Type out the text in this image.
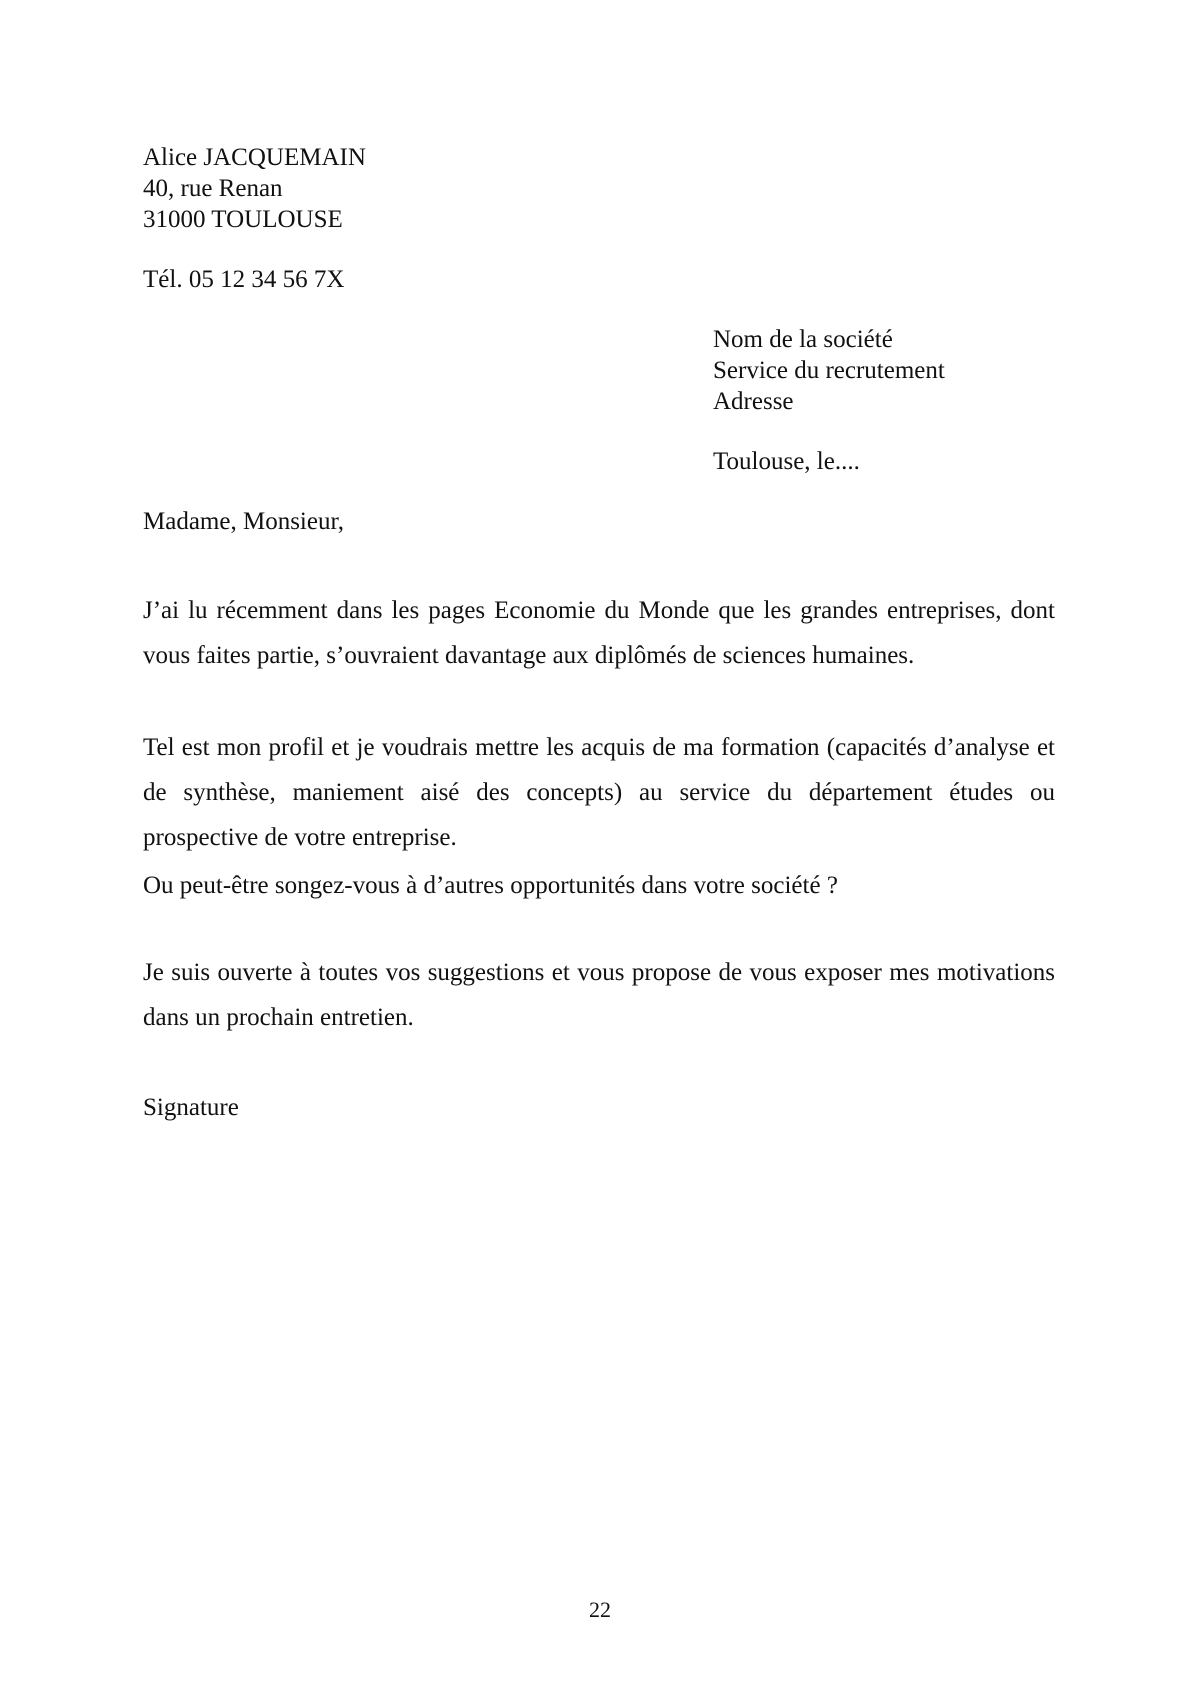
Alice JACQUEMAIN
40, rue Renan
31000 TOULOUSE
Tél. 05 12 34 56 7X
Nom de la société
Service du recrutement
Adresse
Toulouse, le....
Madame, Monsieur,

J’ai lu récemment dans les pages Economie du Monde que les grandes entreprises, dont vous faites partie, s’ouvraient davantage aux diplômés de sciences humaines.

Tel est mon profil et je voudrais mettre les acquis de ma formation (capacités d’analyse et de synthèse, maniement aisé des concepts) au service du département études ou prospective de votre entreprise.

Ou peut-être songez-vous à d’autres opportunités dans votre société ?

Je suis ouverte à toutes vos suggestions et vous propose de vous exposer mes motivations dans un prochain entretien.

Signature
22
